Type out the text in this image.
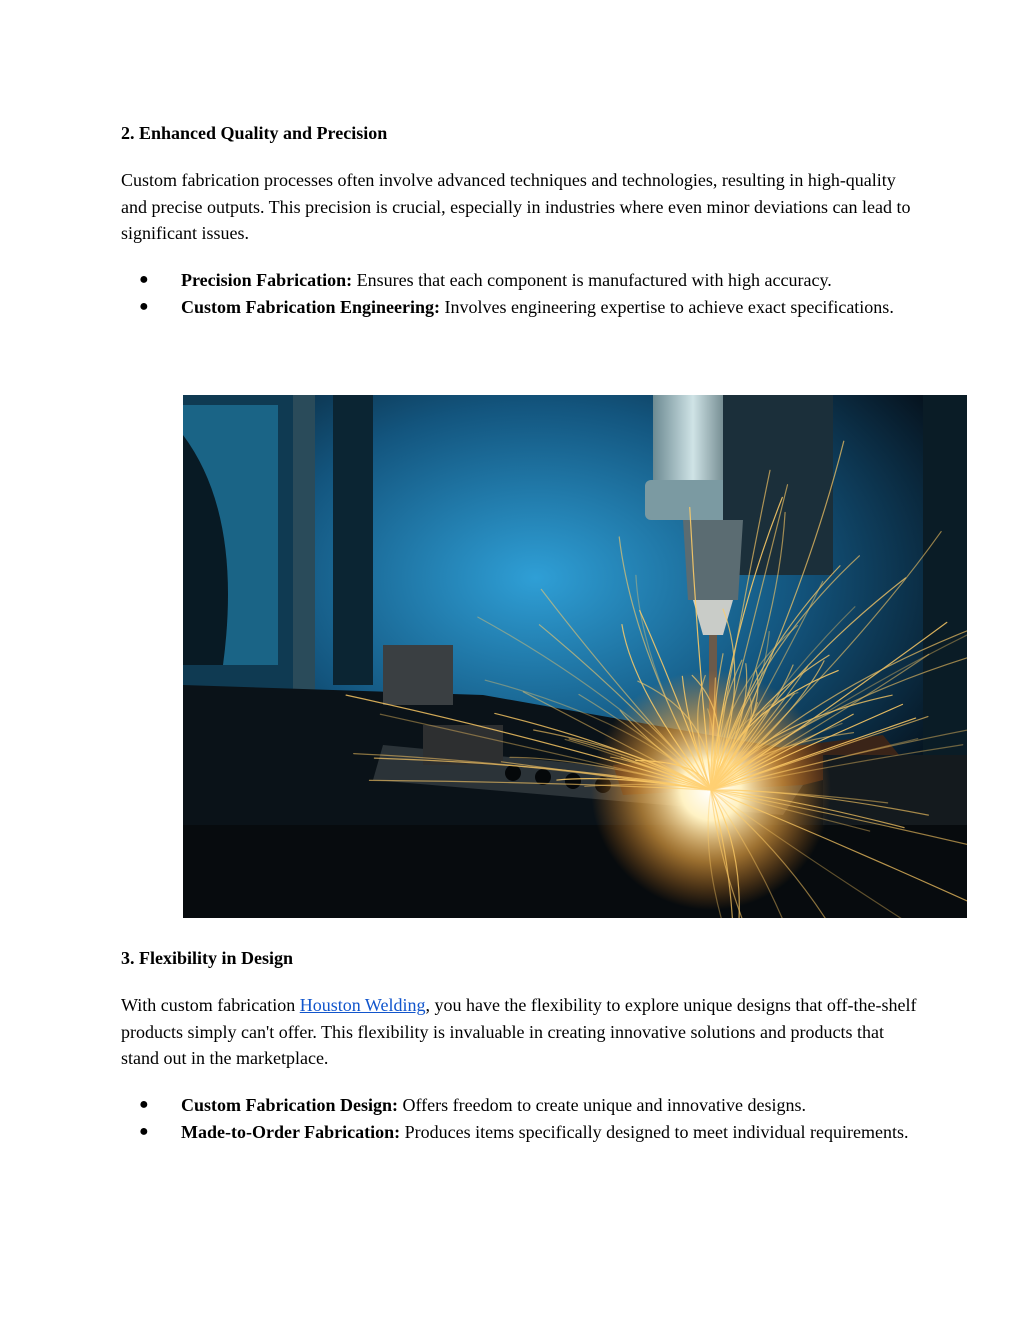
2. Enhanced Quality and Precision

Custom fabrication processes often involve advanced techniques and technologies, resulting in high-quality and precise outputs. This precision is crucial, especially in industries where even minor deviations can lead to significant issues.

● Precision Fabrication: Ensures that each component is manufactured with high accuracy.
● Custom Fabrication Engineering: Involves engineering expertise to achieve exact specifications.
3. Flexibility in Design

With custom fabrication Houston Welding, you have the flexibility to explore unique designs that off-the-shelf products simply can't offer. This flexibility is invaluable in creating innovative solutions and products that stand out in the marketplace.

● Custom Fabrication Design: Offers freedom to create unique and innovative designs.
● Made-to-Order Fabrication: Produces items specifically designed to meet individual requirements.
